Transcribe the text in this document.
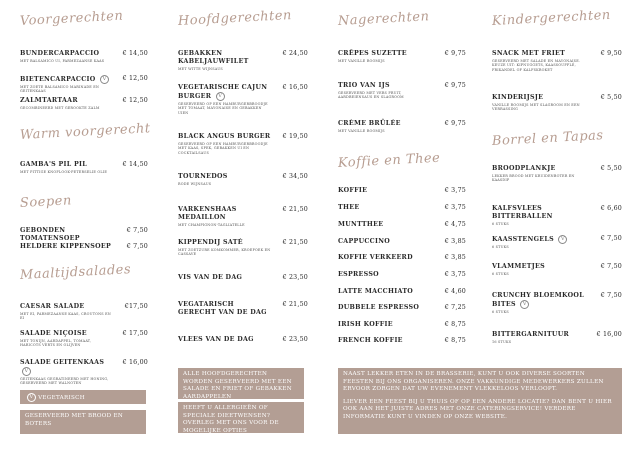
Voorgerechten
BUNDERCARPACCIO
MET BALSAMICO UI, PARMEZAANSE KAAS
€ 14,50
BIETENCARPACCIO V
MET ZOETE BALSAMICO MARINADE EN GEITENKAAS
€ 12,50
ZALMTARTAAR
GECOMBINEERD MET GEROOKTE ZALM
€ 12,50
Warm voorgerecht
GAMBA'S PIL PIL
MET PITTIGE KNOFLOOK-PETERSELIE OLIE
€ 14,50
Soepen
GEBONDEN TOMATENSOEP
€ 7,50
HELDERE KIPPENSOEP	€ 7,50
Maaltijdsalades
CAESAR SALADE
MET EI, PARMEZAANSE KAAS, CROUTONS EN EI
€17,50
SALADE NIÇOISE
MET TONIJN, AARDAPPEL, TOMAAT, HARICOTS VERTS EN OLIJVEN
€ 17,50
SALADE GEITENKAAS V
GEITENKAAS GEGRATINEERD MET HONING, GESERVEERD MET WALNOTEN
€ 16,00
V VEGETARISCH
GESERVEERD MET BROOD EN BOTERS
Hoofdgerechten
GEBAKKEN KABELJAUWFILET
MET WITTE WIJNSAUS
€ 24,50
VEGETARISCHE CAJUN BURGER V
GESERVEERD OP EEN HAMBURGERBROODJE MET TOMAAT, MAYONAISE EN GEBAKKEN UIEN
€ 16,50
BLACK ANGUS BURGER
GESERVEERD OP EEN HAMBURGERBROODJE MET KAAS, SPEK, GEBAKKEN UI EN COCKTAILSAUS
€ 19,50
TOURNEDOS
RODE WIJNSAUS
€ 34,50
VARKENSHAAS MEDAILLON
MET CHAMPIGNON-TAGLIATELLE
€ 21,50
KIPPENDIJ SATÉ
MET ZOETZURE KOMKOMMER, KROEPOEK EN CASSAVE
€ 21,50
VIS VAN DE DAG	€ 23,50
VEGATARISCH GERECHT VAN DE DAG
€ 21,50
VLEES VAN DE DAG	€ 23,50
ALLE HOOFDGERECHTEN WORDEN GESERVEERD MET EEN SALADE EN FRIET OF GEBAKKEN AARDAPPELEN
HEEFT U ALLERGIEËN OF SPECIALE DIEETWENSEN? OVERLEG MET ONS VOOR DE MOGELIJKE OPTIES
Nagerechten
CRÊPES SUZETTE
MET VANILLE ROOMIJS
€ 9,75
TRIO VAN IJS
GESERVEERD MET VERS FRUIT, AARDBEIENSAUS EN SLAGROOM
€ 9,75
CRÈME BRÛLÉE
MET VANILLE ROOMIJS
€ 9,75
Koffie en Thee
KOFFIE	€ 3,75
THEE	€ 3,75
MUNTTHEE	€ 4,75
CAPPUCCINO	€ 3,85
KOFFIE VERKEERD	€ 3,85
ESPRESSO	€ 3,75
LATTE MACCHIATO	€ 4,60
DUBBELE ESPRESSO	€ 7,25
IRISH KOFFIE	€ 8,75
FRENCH KOFFIE	€ 8,75
Kindergerechten
SNACK MET FRIET
GESERVEERD MET SALADE EN MAYONAISE. KEUZE UIT: KIPNUGGETS, KAASSOUFFLÉ, FRIKANDEL OF KALFSKROKET
€ 9,50
KINDERIJSJE
VANILLE ROOMIJS MET SLAGROOM EN EEN VERRASSING
€ 5,50
Borrel en Tapas
BROODPLANKJE
LEKKER BROOD MET KRUIDENBOTER EN KAASDIP
€ 5,50
KALFSVLEES BITTERBALLEN
6 STUKS
€ 6,60
KAASSTENGELS V
6 STUKS
€ 7,50
VLAMMETJES
6 STUKS
€ 7,50
CRUNCHY BLOEMKOOL BITES V
6 STUKS
€ 7,50
BITTERGARNITUUR
16 STUKS
€ 16,00
NAAST LEKKER ETEN IN DE BRASSERIE, KUNT U OOK DIVERSE SOORTEN FEESTEN BIJ ONS ORGANISEREN. ONZE VAKKUNDIGE MEDEWERKERS ZULLEN ERVOOR ZORGEN DAT UW EVENEMENT VLEKKELOOS VERLOOPT.
LIEVER EEN FEEST BIJ U THUIS OF OP EEN ANDERE LOCATIE? DAN BENT U HIER OOK AAN HET JUISTE ADRES MET ONZE CATERINGSERVICE! VERDERE INFORMATIE KUNT U VINDEN OP ONZE WEBSITE.
